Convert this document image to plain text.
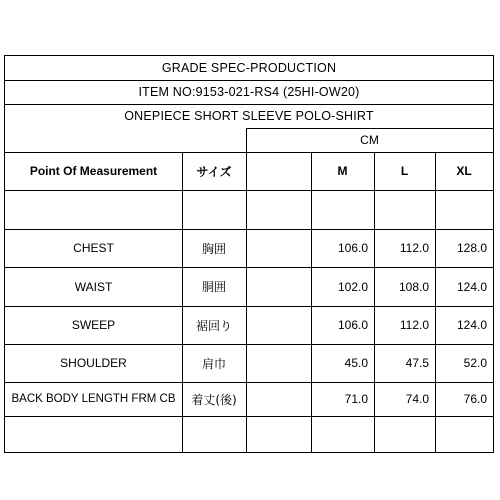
GRADE SPEC-PRODUCTION
ITEM NO:9153-021-RS4 (25HI-OW20)
ONEPIECE SHORT SLEEVE POLO-SHIRT
CM
Point Of Measurement	サイズ	M	L	XL
CHEST	胸囲	106.0	112.0	128.0
WAIST	胴囲	102.0	108.0	124.0
SWEEP	裾回り	106.0	112.0	124.0
SHOULDER	肩巾	45.0	47.5	52.0
BACK BODY LENGTH FRM CB	着丈(後)	71.0	74.0	76.0
